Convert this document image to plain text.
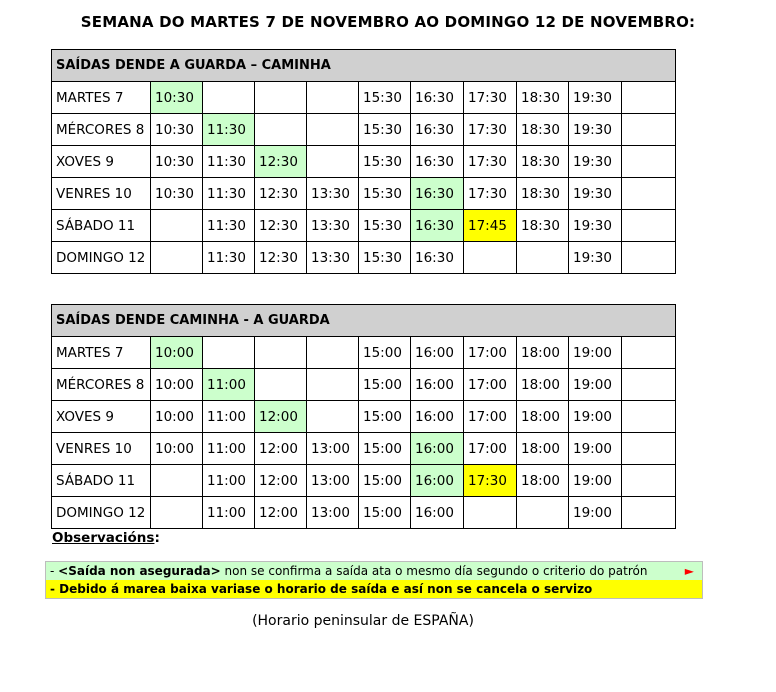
SEMANA DO MARTES 7 DE NOVEMBRO AO DOMINGO 12 DE NOVEMBRO:
SAÍDAS DENDE A GUARDA – CAMINHA										
MARTES 7	10:30				15:30	16:30	17:30	18:30	19:30	
MÉRCORES 8	10:30	11:30			15:30	16:30	17:30	18:30	19:30	
XOVES 9	10:30	11:30	12:30		15:30	16:30	17:30	18:30	19:30	
VENRES 10	10:30	11:30	12:30	13:30	15:30	16:30	17:30	18:30	19:30	
SÁBADO 11		11:30	12:30	13:30	15:30	16:30	17:45	18:30	19:30	
DOMINGO 12		11:30	12:30	13:30	15:30	16:30			19:30	
SAÍDAS DENDE CAMINHA - A GUARDA										
MARTES 7	10:00				15:00	16:00	17:00	18:00	19:00	
MÉRCORES 8	10:00	11:00			15:00	16:00	17:00	18:00	19:00	
XOVES 9	10:00	11:00	12:00		15:00	16:00	17:00	18:00	19:00	
VENRES 10	10:00	11:00	12:00	13:00	15:00	16:00	17:00	18:00	19:00	
SÁBADO 11		11:00	12:00	13:00	15:00	16:00	17:30	18:00	19:00	
DOMINGO 12		11:00	12:00	13:00	15:00	16:00			19:00	
Observacións:
- <Saída non asegurada> non se confirma a saída ata o mesmo día segundo o criterio do patrón	►
- Debido á marea baixa variase o horario de saída e así non se cancela o servizo
(Horario peninsular de ESPAÑA)
